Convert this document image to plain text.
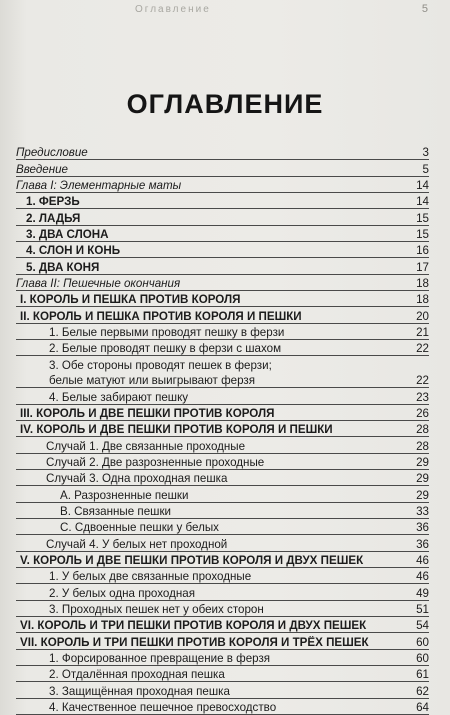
Оглавление	5
ОГЛАВЛЕНИЕ
Предисловие	3
Введение	5
Глава I: Элементарные маты	14
1. ФЕРЗЬ	14
2. ЛАДЬЯ	15
3. ДВА СЛОНА	15
4. СЛОН И КОНЬ	16
5. ДВА КОНЯ	17
Глава II: Пешечные окончания	18
I. КОРОЛЬ И ПЕШКА ПРОТИВ КОРОЛЯ	18
II. КОРОЛЬ И ПЕШКА ПРОТИВ КОРОЛЯ И ПЕШКИ	20
1. Белые первыми проводят пешку в ферзи	21
2. Белые проводят пешку в ферзи с шахом	22
3. Обе стороны проводят пешек в ферзи;
белые матуют или выигрывают ферзя	22
4. Белые забирают пешку	23
III. КОРОЛЬ И ДВЕ ПЕШКИ ПРОТИВ КОРОЛЯ	26
IV. КОРОЛЬ И ДВЕ ПЕШКИ ПРОТИВ КОРОЛЯ И ПЕШКИ	28
Случай 1. Две связанные проходные	28
Случай 2. Две разрозненные проходные	29
Случай 3. Одна проходная пешка	29
А. Разрозненные пешки	29
В. Связанные пешки	33
С. Сдвоенные пешки у белых	36
Случай 4. У белых нет проходной	36
V. КОРОЛЬ И ДВЕ ПЕШКИ ПРОТИВ КОРОЛЯ И ДВУХ ПЕШЕК	46
1. У белых две связанные проходные	46
2. У белых одна проходная	49
3. Проходных пешек нет у обеих сторон	51
VI. КОРОЛЬ И ТРИ ПЕШКИ ПРОТИВ КОРОЛЯ И ДВУХ ПЕШЕК	54
VII. КОРОЛЬ И ТРИ ПЕШКИ ПРОТИВ КОРОЛЯ И ТРЁХ ПЕШЕК	60
1. Форсированное превращение в ферзя	60
2. Отдалённая проходная пешка	61
3. Защищённая проходная пешка	62
4. Качественное пешечное превосходство	64
